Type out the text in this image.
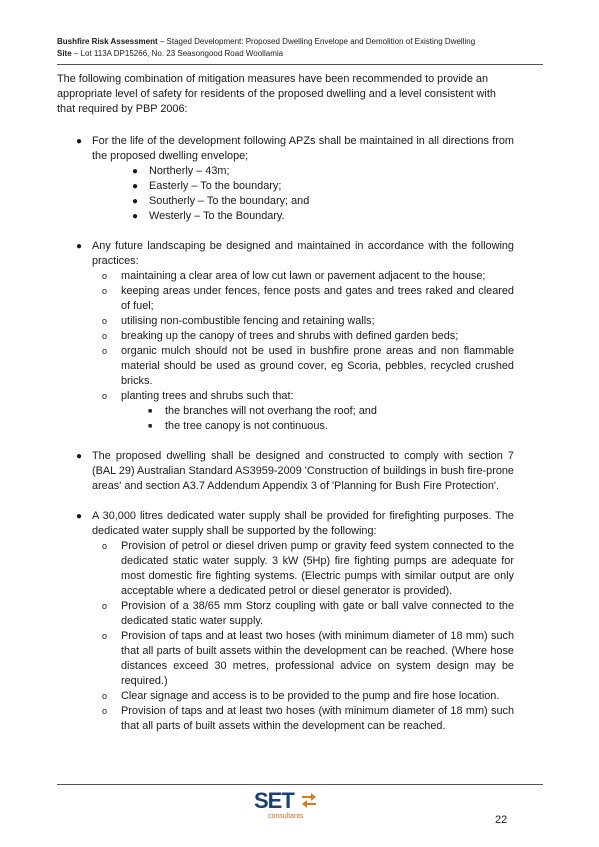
Bushfire Risk Assessment – Staged Development: Proposed Dwelling Envelope and Demolition of Existing Dwelling
Site – Lot 113A DP15266, No. 23 Seasongood Road Woollamia

The following combination of mitigation measures have been recommended to provide an appropriate level of safety for residents of the proposed dwelling and a level consistent with that required by PBP 2006:

● For the life of the development following APZs shall be maintained in all directions from the proposed dwelling envelope;
● Northerly – 43m;
● Easterly – To the boundary;
● Southerly – To the boundary; and
● Westerly – To the Boundary.
● Any future landscaping be designed and maintained in accordance with the following practices:
o maintaining a clear area of low cut lawn or pavement adjacent to the house;
o keeping areas under fences, fence posts and gates and trees raked and cleared of fuel;
o utilising non-combustible fencing and retaining walls;
o breaking up the canopy of trees and shrubs with defined garden beds;
o organic mulch should not be used in bushfire prone areas and non flammable material should be used as ground cover, eg Scoria, pebbles, recycled crushed bricks.
o planting trees and shrubs such that:
■ the branches will not overhang the roof; and
■ the tree canopy is not continuous.
● The proposed dwelling shall be designed and constructed to comply with section 7 (BAL 29) Australian Standard AS3959-2009 'Construction of buildings in bush fire-prone areas' and section A3.7 Addendum Appendix 3 of 'Planning for Bush Fire Protection'.
● A 30,000 litres dedicated water supply shall be provided for firefighting purposes. The dedicated water supply shall be supported by the following:
o Provision of petrol or diesel driven pump or gravity feed system connected to the dedicated static water supply. 3 kW (5Hp) fire fighting pumps are adequate for most domestic fire fighting systems. (Electric pumps with similar output are only acceptable where a dedicated petrol or diesel generator is provided).
o Provision of a 38/65 mm Storz coupling with gate or ball valve connected to the dedicated static water supply.
o Provision of taps and at least two hoses (with minimum diameter of 18 mm) such that all parts of built assets within the development can be reached. (Where hose distances exceed 30 metres, professional advice on system design may be required.)
o Clear signage and access is to be provided to the pump and fire hose location.
o Provision of taps and at least two hoses (with minimum diameter of 18 mm) such that all parts of built assets within the development can be reached.
SET
consultants	22
